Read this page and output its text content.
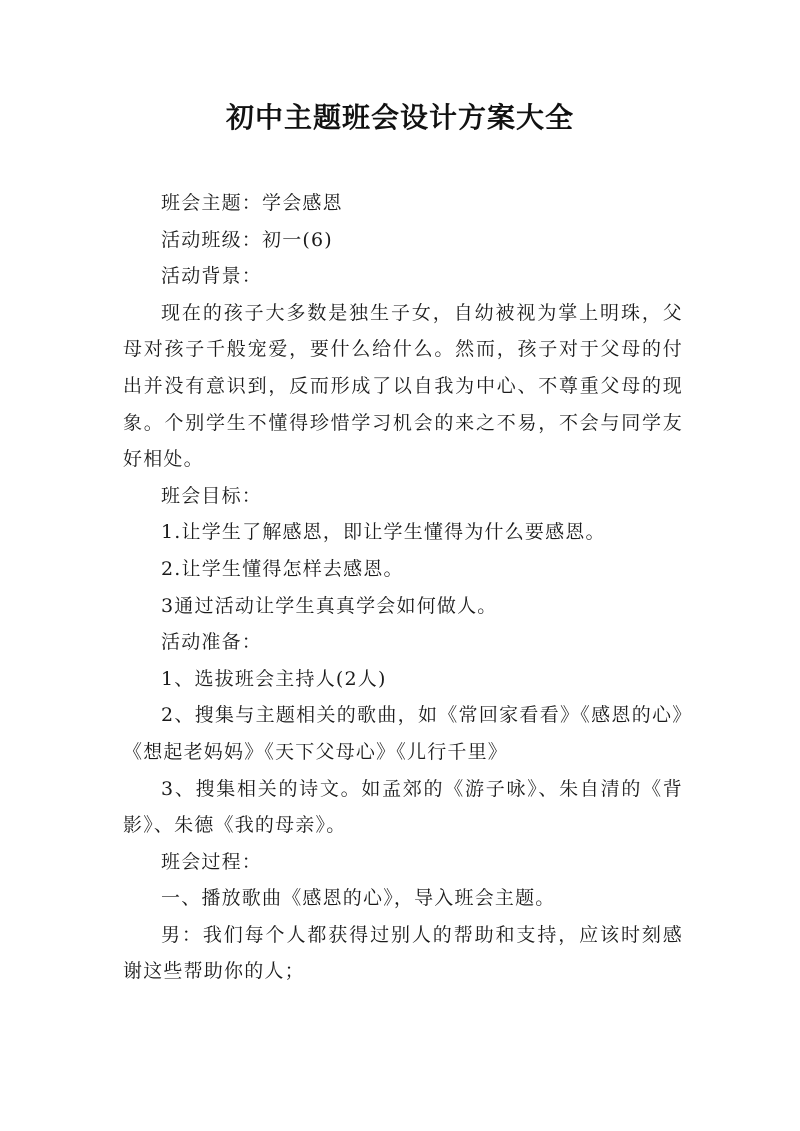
初中主题班会设计方案大全

班会主题：学会感恩

活动班级：初一(6)

活动背景：

现在的孩子大多数是独生子女，自幼被视为掌上明珠，父母对孩子千般宠爱，要什么给什么。然而，孩子对于父母的付出并没有意识到，反而形成了以自我为中心、不尊重父母的现象。个别学生不懂得珍惜学习机会的来之不易，不会与同学友好相处。

班会目标：

1.让学生了解感恩，即让学生懂得为什么要感恩。

2.让学生懂得怎样去感恩。

3通过活动让学生真真学会如何做人。

活动准备：

1、选拔班会主持人(2人)

2、搜集与主题相关的歌曲，如《常回家看看》《感恩的心》《想起老妈妈》《天下父母心》《儿行千里》

3、搜集相关的诗文。如孟郊的《游子咏》、朱自清的《背影》、朱德《我的母亲》。

班会过程：

一、播放歌曲《感恩的心》，导入班会主题。

男：我们每个人都获得过别人的帮助和支持，应该时刻感谢这些帮助你的人；
